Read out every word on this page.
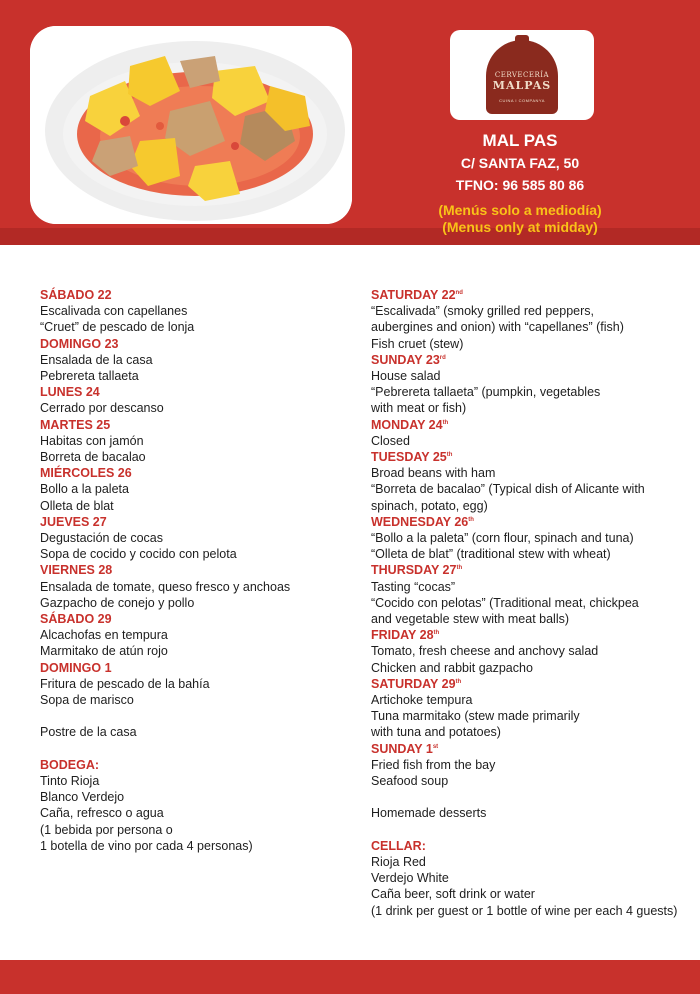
CERVECERÍA
MALPAS
CUINA I COMPANYA
MAL PAS
C/ SANTA FAZ, 50
TFNO: 96 585 80 86
(Menús solo a mediodía)
(Menus only at midday)
SÁBADO 22
Escalivada con capellanes
“Cruet” de pescado de lonja
DOMINGO 23
Ensalada de la casa
Pebrereta tallaeta
LUNES 24
Cerrado por descanso
MARTES 25
Habitas con jamón
Borreta de bacalao
MIÉRCOLES 26
Bollo a la paleta
Olleta de blat
JUEVES 27
Degustación de cocas
Sopa de cocido y cocido con pelota
VIERNES 28
Ensalada de tomate, queso fresco y anchoas
Gazpacho de conejo y pollo
SÁBADO 29
Alcachofas en tempura
Marmitako de atún rojo
DOMINGO 1
Fritura de pescado de la bahía
Sopa de marisco
Postre de la casa
BODEGA:
Tinto Rioja
Blanco Verdejo
Caña, refresco o agua
(1 bebida por persona o
1 botella de vino por cada 4 personas)
SATURDAY 22nd
“Escalivada” (smoky grilled red peppers,
aubergines and onion) with “capellanes” (fish)
Fish cruet (stew)
SUNDAY 23rd
House salad
“Pebrereta tallaeta” (pumpkin, vegetables
with meat or fish)
MONDAY 24th
Closed
TUESDAY 25th
Broad beans with ham
“Borreta de bacalao” (Typical dish of Alicante with
spinach, potato, egg)
WEDNESDAY 26th
“Bollo a la paleta” (corn flour, spinach and tuna)
“Olleta de blat” (traditional stew with wheat)
THURSDAY 27th
Tasting “cocas”
“Cocido con pelotas” (Traditional meat, chickpea
and vegetable stew with meat balls)
FRIDAY 28th
Tomato, fresh cheese and anchovy salad
Chicken and rabbit gazpacho
SATURDAY 29th
Artichoke tempura
Tuna marmitako (stew made primarily
with tuna and potatoes)
SUNDAY 1st
Fried fish from the bay
Seafood soup
Homemade desserts
CELLAR:
Rioja Red
Verdejo White
Caña beer, soft drink or water
(1 drink per guest or 1 bottle of wine per each 4 guests)
